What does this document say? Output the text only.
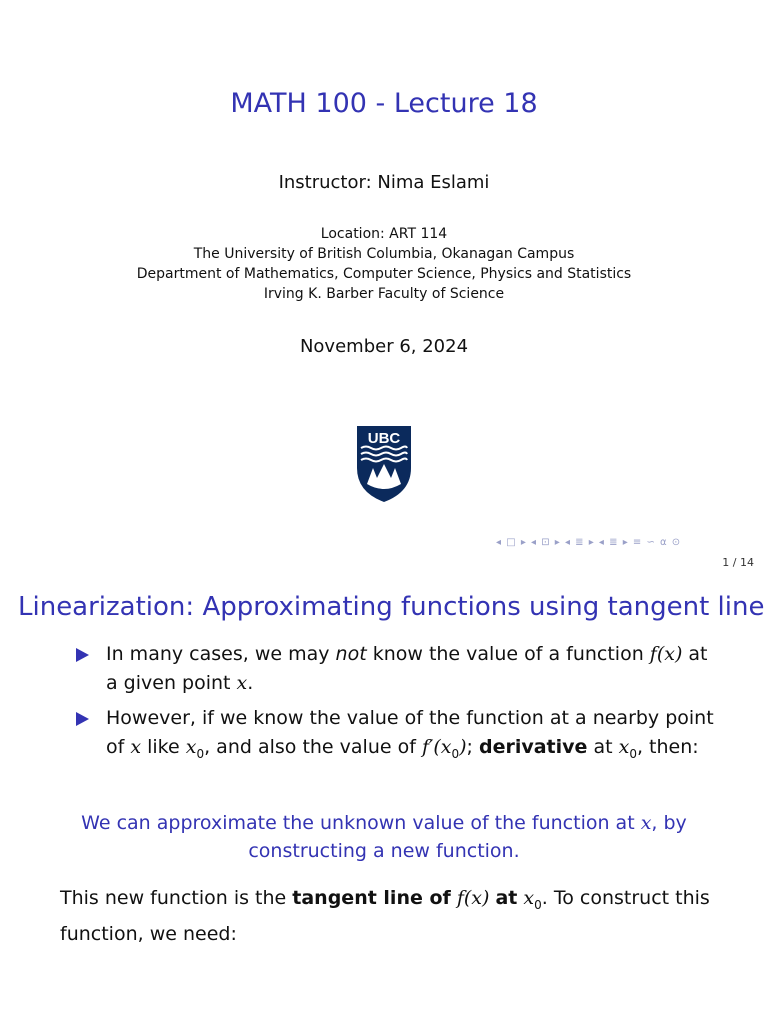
MATH 100 - Lecture 18
Instructor: Nima Eslami
Location: ART 114
The University of British Columbia, Okanagan Campus
Department of Mathematics, Computer Science, Physics and Statistics
Irving K. Barber Faculty of Science
November 6, 2024
UBC
◂ □ ▸ ◂ ⊡ ▸ ◂ ≣ ▸ ◂ ≣ ▸ ≡ ∽ ⍺ ⊙
1 / 14
Linearization: Approximating functions using tangent line
In many cases, we may not know the value of a function f(x) at a given point x.
However, if we know the value of the function at a nearby point of x like $x_0$, and also the value of $f'(x_0)$; derivative at $x_0$, then:
We can approximate the unknown value of the function at x, by constructing a new function.
This new function is the tangent line of f(x) at $x_0$. To construct this function, we need:
